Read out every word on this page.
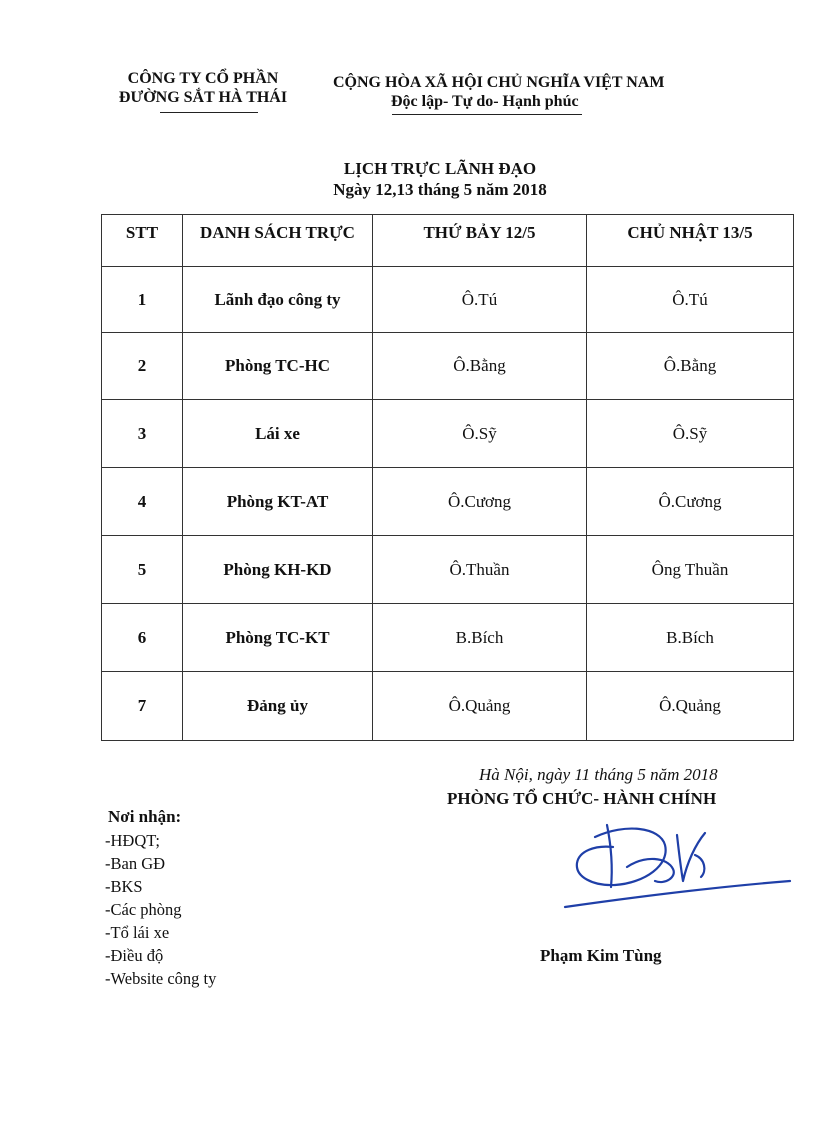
CÔNG TY CỔ PHẦN
ĐƯỜNG SẮT HÀ THÁI
CỘNG HÒA XÃ HỘI CHỦ NGHĨA VIỆT NAM
Độc lập- Tự do- Hạnh phúc
LỊCH TRỰC LÃNH ĐẠO
Ngày 12,13 tháng 5 năm 2018
STT	DANH SÁCH TRỰC	THỨ BẢY 12/5	CHỦ NHẬT 13/5
1	Lãnh đạo công ty	Ô.Tú	Ô.Tú
2	Phòng TC-HC	Ô.Bằng	Ô.Bằng
3	Lái xe	Ô.Sỹ	Ô.Sỹ
4	Phòng KT-AT	Ô.Cương	Ô.Cương
5	Phòng KH-KD	Ô.Thuần	Ông Thuần
6	Phòng TC-KT	B.Bích	B.Bích
7	Đảng ủy	Ô.Quảng	Ô.Quảng
Hà Nội, ngày 11 tháng 5 năm 2018
PHÒNG TỔ CHỨC- HÀNH CHÍNH
Nơi nhận:
-HĐQT;
-Ban GĐ
-BKS
-Các phòng
-Tổ lái xe
-Điều độ
-Website công ty
Phạm Kim Tùng
